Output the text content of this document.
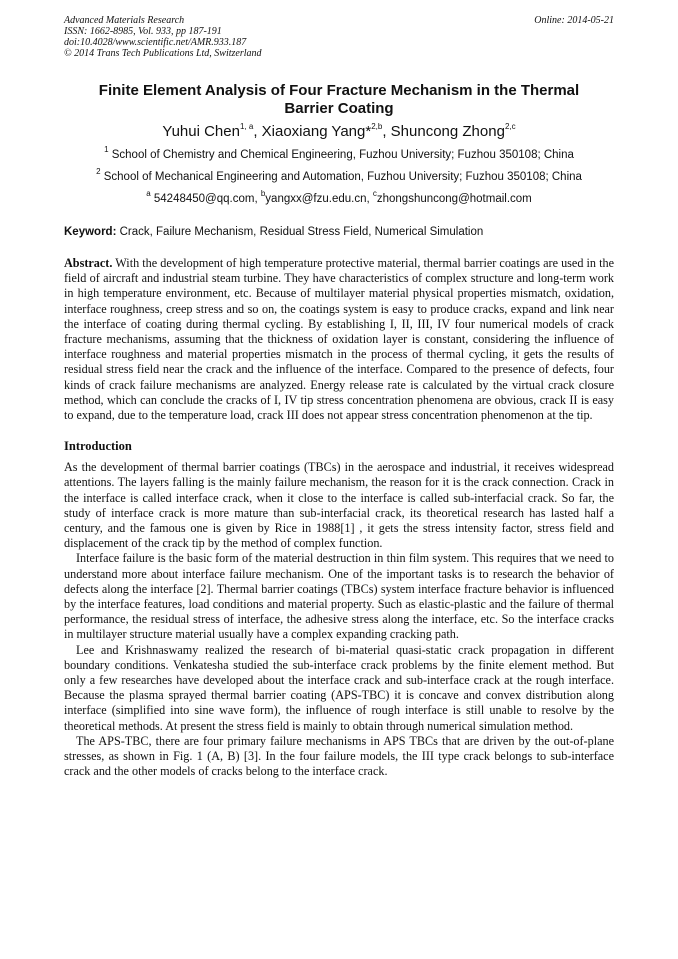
Advanced Materials Research
ISSN: 1662-8985, Vol. 933, pp 187-191
doi:10.4028/www.scientific.net/AMR.933.187
© 2014 Trans Tech Publications Ltd, Switzerland
Online: 2014-05-21
Finite Element Analysis of Four Fracture Mechanism in the Thermal Barrier Coating
Yuhui Chen$^{1, a}$, Xiaoxiang Yang*$^{2,b}$, Shuncong Zhong$^{2,c}$
$^1$ School of Chemistry and Chemical Engineering, Fuzhou University; Fuzhou 350108; China
$^2$ School of Mechanical Engineering and Automation, Fuzhou University; Fuzhou 350108; China
$^a$ 54248450@qq.com, $^b$yangxx@fzu.edu.cn, $^c$zhongshuncong@hotmail.com
Keyword: Crack, Failure Mechanism, Residual Stress Field, Numerical Simulation
Abstract. With the development of high temperature protective material, thermal barrier coatings are used in the field of aircraft and industrial steam turbine. They have characteristics of complex structure and long-term work in high temperature environment, etc. Because of multilayer material physical properties mismatch, oxidation, interface roughness, creep stress and so on, the coatings system is easy to produce cracks, expand and link near the interface of coating during thermal cycling. By establishing I, II, III, IV four numerical models of crack fracture mechanisms, assuming that the thickness of oxidation layer is constant, considering the influence of interface roughness and material properties mismatch in the process of thermal cycling, it gets the results of residual stress field near the crack and the influence of the interface. Compared to the presence of defects, four kinds of crack failure mechanisms are analyzed. Energy release rate is calculated by the virtual crack closure method, which can conclude the cracks of I, IV tip stress concentration phenomena are obvious, crack II is easy to expand, due to the temperature load, crack III does not appear stress concentration phenomenon at the tip.
Introduction
As the development of thermal barrier coatings (TBCs) in the aerospace and industrial, it receives widespread attentions. The layers falling is the mainly failure mechanism, the reason for it is the crack connection. Crack in the interface is called interface crack, when it close to the interface is called sub-interfacial crack. So far, the study of interface crack is more mature than sub-interfacial crack, its theoretical research has lasted half a century, and the famous one is given by Rice in 1988[1] , it gets the stress intensity factor, stress field and displacement of the crack tip by the method of complex function.
Interface failure is the basic form of the material destruction in thin film system. This requires that we need to understand more about interface failure mechanism. One of the important tasks is to research the behavior of defects along the interface [2]. Thermal barrier coatings (TBCs) system interface fracture behavior is influenced by the interface features, load conditions and material property. Such as elastic-plastic and the failure of thermal performance, the residual stress of interface, the adhesive stress along the interface, etc. So the interface cracks in multilayer structure material usually have a complex expanding cracking path.
Lee and Krishnaswamy realized the research of bi-material quasi-static crack propagation in different boundary conditions. Venkatesha studied the sub-interface crack problems by the finite element method. But only a few researches have developed about the interface crack and sub-interface crack at the rough interface. Because the plasma sprayed thermal barrier coating (APS-TBC) it is concave and convex distribution along interface (simplified into sine wave form), the influence of rough interface is still unable to resolve by the theoretical methods. At present the stress field is mainly to obtain through numerical simulation method.
The APS-TBC, there are four primary failure mechanisms in APS TBCs that are driven by the out-of-plane stresses, as shown in Fig. 1 (A, B) [3]. In the four failure models, the III type crack belongs to sub-interface crack and the other models of cracks belong to the interface crack.
